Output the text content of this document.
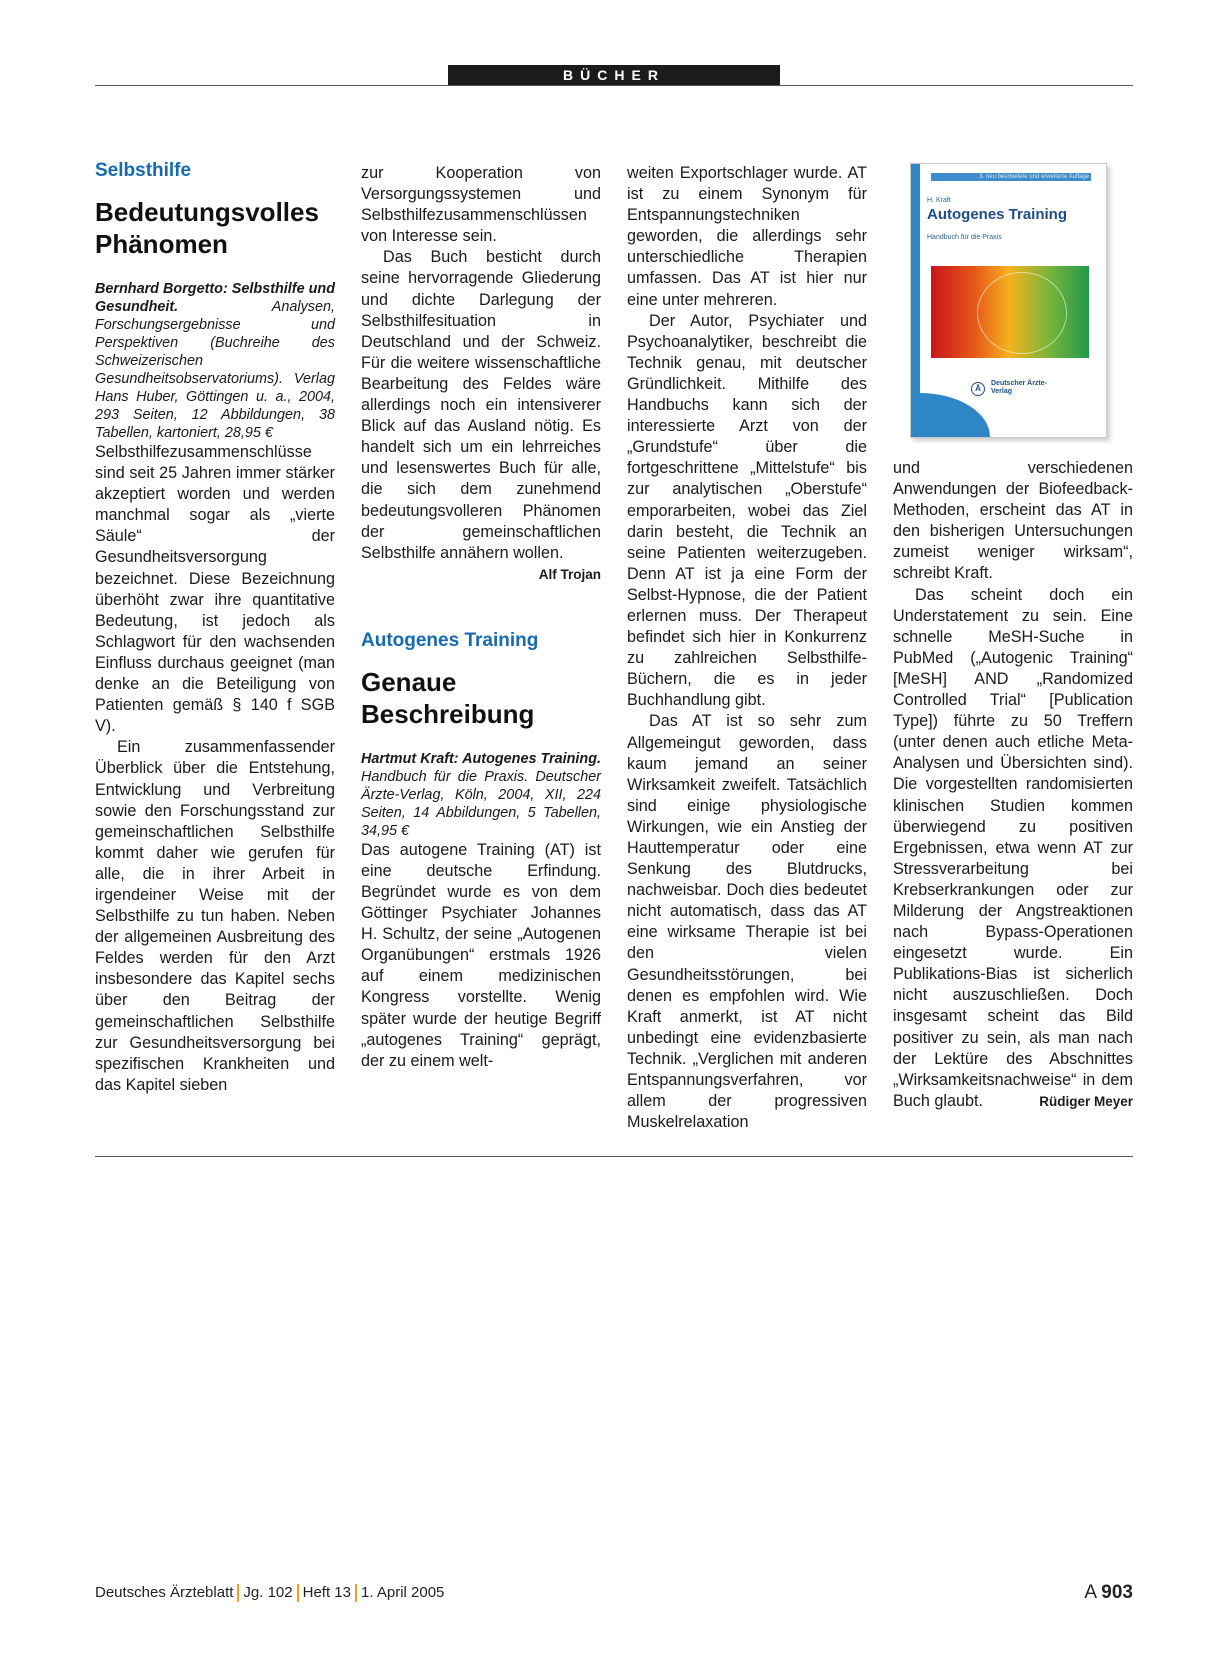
BÜCHER
Selbsthilfe
Bedeutungsvolles Phänomen

Bernhard Borgetto: Selbsthilfe und Gesundheit.	Analysen, Forschungsergebnisse und Perspektiven (Buchreihe des Schweizerischen Gesundheitsobservatoriums). Verlag Hans Huber, Göttingen u. a., 2004, 293 Seiten, 12 Abbildungen, 38 Tabellen, kartoniert, 28,95 €

Selbsthilfezusammenschlüsse sind seit 25 Jahren immer stärker akzeptiert worden und werden manchmal sogar als „vierte Säule“ der Gesundheitsversorgung bezeichnet. Diese Bezeichnung überhöht zwar ihre quantitative Bedeutung, ist jedoch als Schlagwort für den wachsenden Einfluss durchaus geeignet (man denke an die Beteiligung von Patienten gemäß § 140 f SGB V).

Ein zusammenfassender Überblick über die Entstehung, Entwicklung und Verbreitung sowie den Forschungsstand zur gemeinschaftlichen Selbsthilfe kommt daher wie gerufen für alle, die in ihrer Arbeit in irgendeiner Weise mit der Selbsthilfe zu tun haben. Neben der allgemeinen Ausbreitung des Feldes werden für den Arzt insbesondere das Kapitel sechs über den Beitrag der gemeinschaftlichen Selbsthilfe zur Gesundheitsversorgung bei spezifischen Krankheiten und das Kapitel sieben

zur Kooperation von Versorgungssystemen und Selbsthilfezusammenschlüssen von Interesse sein.

Das Buch besticht durch seine hervorragende Gliederung und dichte Darlegung der Selbsthilfesituation in Deutschland und der Schweiz. Für die weitere wissenschaftliche Bearbeitung des Feldes wäre allerdings noch ein intensiverer Blick auf das Ausland nötig. Es handelt sich um ein lehrreiches und lesenswertes Buch für alle, die sich dem zunehmend bedeutungsvolleren Phänomen der gemeinschaftlichen Selbsthilfe annähern wollen.
Alf Trojan

Autogenes Training
Genaue
Beschreibung

Hartmut Kraft: Autogenes Training. Handbuch für die Praxis. Deutscher Ärzte-Verlag, Köln, 2004, XII, 224 Seiten, 14 Abbildungen, 5 Tabellen, 34,95 €

Das autogene Training (AT) ist eine deutsche Erfindung. Begründet wurde es von dem Göttinger Psychiater Johannes H. Schultz, der seine „Autogenen Organübungen“ erstmals 1926 auf einem medizinischen Kongress vorstellte. Wenig später wurde der heutige Begriff „autogenes Training“ geprägt, der zu einem welt-

weiten Exportschlager wurde. AT ist zu einem Synonym für Entspannungstechniken geworden, die allerdings sehr unterschiedliche Therapien umfassen. Das AT ist hier nur eine unter mehreren.

Der Autor, Psychiater und Psychoanalytiker, beschreibt die Technik genau, mit deutscher Gründlichkeit. Mithilfe des Handbuchs kann sich der interessierte Arzt von der „Grundstufe“ über die fortgeschrittene „Mittelstufe“ bis zur analytischen „Oberstufe“ emporarbeiten, wobei das Ziel darin besteht, die Technik an seine Patienten weiterzugeben. Denn AT ist ja eine Form der Selbst-Hypnose, die der Patient erlernen muss. Der Therapeut befindet sich hier in Konkurrenz zu zahlreichen Selbsthilfe-Büchern, die es in jeder Buchhandlung gibt.

Das AT ist so sehr zum Allgemeingut geworden, dass kaum jemand an seiner Wirksamkeit zweifelt. Tatsächlich sind einige physiologische Wirkungen, wie ein Anstieg der Hauttemperatur oder eine Senkung des Blutdrucks, nachweisbar. Doch dies bedeutet nicht automatisch, dass das AT eine wirksame Therapie ist bei den vielen Gesundheitsstörungen, bei denen es empfohlen wird. Wie Kraft anmerkt, ist AT nicht unbedingt eine evidenzbasierte Technik. „Verglichen mit anderen Entspannungsverfahren, vor allem der progressiven Muskelrelaxation

3. neu bearbeitete und erweiterte Auflage
H. Kraft
Autogenes Training
Handbuch für die Praxis
Ä
Deutscher Ärzte-Verlag

und verschiedenen Anwendungen der Biofeedback-Methoden, erscheint das AT in den bisherigen Untersuchungen zumeist weniger wirksam“, schreibt Kraft.

Das scheint doch ein Understatement zu sein. Eine schnelle MeSH-Suche in PubMed („Autogenic Training“ [MeSH] AND „Randomized Controlled Trial“ [Publication Type]) führte zu 50 Treffern (unter denen auch etliche Meta-Analysen und Übersichten sind). Die vorgestellten randomisierten klinischen Studien kommen überwiegend zu positiven Ergebnissen, etwa wenn AT zur Stressverarbeitung bei Krebserkrankungen oder zur Milderung der Angstreaktionen nach Bypass-Operationen eingesetzt wurde. Ein Publikations-Bias ist sicherlich nicht auszuschließen. Doch insgesamt scheint das Bild positiver zu sein, als man nach der Lektüre des Abschnittes „Wirksamkeitsnachweise“ in dem Buch glaubt.	Rüdiger Meyer

Deutsches Ärzteblatt Jg. 102 Heft 13 1. April 2005	A 903
